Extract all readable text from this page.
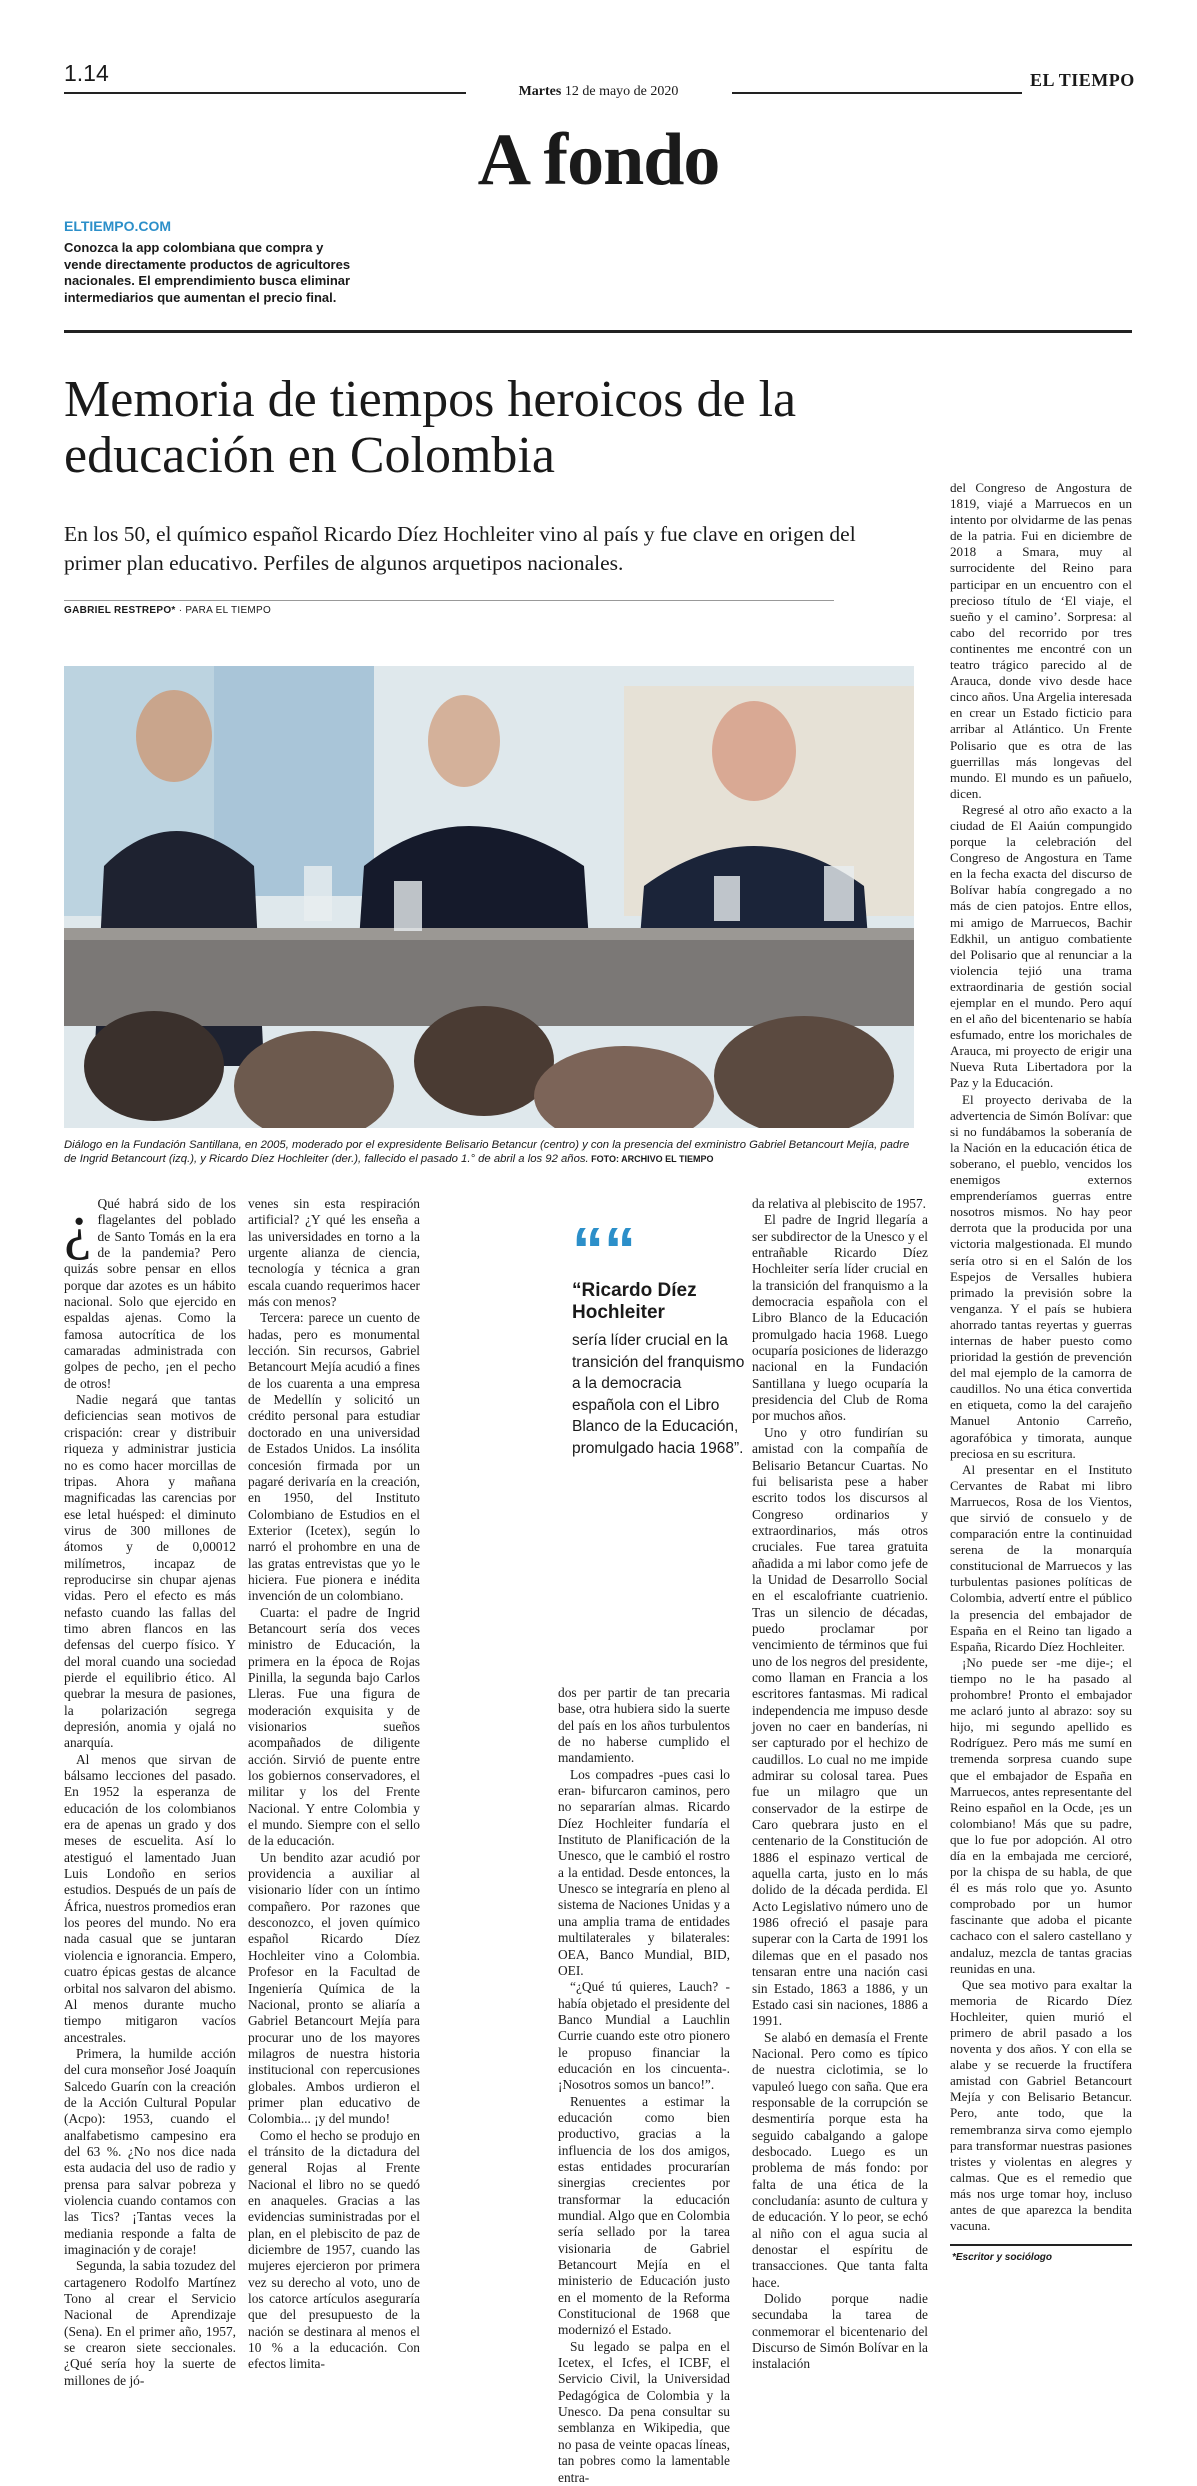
1.14
Martes 12 de mayo de 2020
EL TIEMPO
A fondo
ELTIEMPO.COM
Conozca la app colombiana que compra y vende directamente productos de agricultores nacionales. El emprendimiento busca eliminar intermediarios que aumentan el precio final.
Memoria de tiempos heroicos de la educación en Colombia
En los 50, el químico español Ricardo Díez Hochleiter vino al país y fue clave en origen del primer plan educativo. Perfiles de algunos arquetipos nacionales.
GABRIEL RESTREPO* · PARA EL TIEMPO
Diálogo en la Fundación Santillana, en 2005, moderado por el expresidente Belisario Betancur (centro) y con la presencia del exministro Gabriel Betancourt Mejía, padre de Ingrid Betancourt (izq.), y Ricardo Díez Hochleiter (der.), fallecido el pasado 1.° de abril a los 92 años. FOTO: ARCHIVO EL TIEMPO
¿ Qué habrá sido de los flagelantes del poblado de Santo Tomás en la era de la pandemia? Pero quizás sobre pensar en ellos porque dar azotes es un hábito nacional. Solo que ejercido en espaldas ajenas. Como la famosa autocrítica de los camaradas administrada con golpes de pecho, ¡en el pecho de otros!

Nadie negará que tantas deficiencias sean motivos de crispación: crear y distribuir riqueza y administrar justicia no es como hacer morcillas de tripas. Ahora y mañana magnificadas las carencias por ese letal huésped: el diminuto virus de 300 millones de átomos y de 0,00012 milímetros, incapaz de reproducirse sin chupar ajenas vidas. Pero el efecto es más nefasto cuando las fallas del timo abren flancos en las defensas del cuerpo físico. Y del moral cuando una sociedad pierde el equilibrio ético. Al quebrar la mesura de pasiones, la polarización segrega depresión, anomia y ojalá no anarquía.

Al menos que sirvan de bálsamo lecciones del pasado. En 1952 la esperanza de educación de los colombianos era de apenas un grado y dos meses de escuelita. Así lo atestiguó el lamentado Juan Luis Londoño en serios estudios. Después de un país de África, nuestros promedios eran los peores del mundo. No era nada casual que se juntaran violencia e ignorancia. Empero, cuatro épicas gestas de alcance orbital nos salvaron del abismo. Al menos durante mucho tiempo mitigaron vacíos ancestrales.

Primera, la humilde acción del cura monseñor José Joaquín Salcedo Guarín con la creación de la Acción Cultural Popular (Acpo): 1953, cuando el analfabetismo campesino era del 63 %. ¿No nos dice nada esta audacia del uso de radio y prensa para salvar pobreza y violencia cuando contamos con las Tics? ¡Tantas veces la mediania responde a falta de imaginación y de coraje!

Segunda, la sabia tozudez del cartagenero Rodolfo Martínez Tono al crear el Servicio Nacional de Aprendizaje (Sena). En el primer año, 1957, se crearon siete seccionales. ¿Qué sería hoy la suerte de millones de jó-

venes sin esta respiración artificial? ¿Y qué les enseña a las universidades en torno a la urgente alianza de ciencia, tecnología y técnica a gran escala cuando requerimos hacer más con menos?

Tercera: parece un cuento de hadas, pero es monumental lección. Sin recursos, Gabriel Betancourt Mejía acudió a fines de los cuarenta a una empresa de Medellín y solicitó un crédito personal para estudiar doctorado en una universidad de Estados Unidos. La insólita concesión firmada por un pagaré derivaría en la creación, en 1950, del Instituto Colombiano de Estudios en el Exterior (Icetex), según lo narró el prohombre en una de las gratas entrevistas que yo le hiciera. Fue pionera e inédita invención de un colombiano.

Cuarta: el padre de Ingrid Betancourt sería dos veces ministro de Educación, la primera en la época de Rojas Pinilla, la segunda bajo Carlos Lleras. Fue una figura de moderación exquisita y de visionarios sueños acompañados de diligente acción. Sirvió de puente entre los gobiernos conservadores, el militar y los del Frente Nacional. Y entre Colombia y el mundo. Siempre con el sello de la educación.

Un bendito azar acudió por providencia a auxiliar al visionario líder con un íntimo compañero. Por razones que desconozco, el joven químico español Ricardo Díez Hochleiter vino a Colombia. Profesor en la Facultad de Ingeniería Química de la Nacional, pronto se aliaría a Gabriel Betancourt Mejía para procurar uno de los mayores milagros de nuestra historia institucional con repercusiones globales. Ambos urdieron el primer plan educativo de Colombia... ¡y del mundo!

Como el hecho se produjo en el tránsito de la dictadura del general Rojas al Frente Nacional el libro no se quedó en anaqueles. Gracias a las evidencias suministradas por el plan, en el plebiscito de paz de diciembre de 1957, cuando las mujeres ejercieron por primera vez su derecho al voto, uno de los catorce artículos aseguraría que del presupuesto de la nación se destinara al menos el 10 % a la educación. Con efectos limita-

““
“Ricardo Díez Hochleiter
sería líder crucial en la transición del franquismo a la democracia española con el Libro Blanco de la Educación, promulgado hacia 1968”.

dos per partir de tan precaria base, otra hubiera sido la suerte del país en los años turbulentos de no haberse cumplido el mandamiento.

Los compadres -pues casi lo eran- bifurcaron caminos, pero no separarían almas. Ricardo Díez Hochleiter fundaría el Instituto de Planificación de la Unesco, que le cambió el rostro a la entidad. Desde entonces, la Unesco se integraría en pleno al sistema de Naciones Unidas y a una amplia trama de entidades multilaterales y bilaterales: OEA, Banco Mundial, BID, OEI.

“¿Qué tú quieres, Lauch? -había objetado el presidente del Banco Mundial a Lauchlin Currie cuando este otro pionero le propuso financiar la educación en los cincuenta-. ¡Nosotros somos un banco!”.

Renuentes a estimar la educación como bien productivo, gracias a la influencia de los dos amigos, estas entidades procurarían sinergias crecientes por transformar la educación mundial. Algo que en Colombia sería sellado por la tarea visionaria de Gabriel Betancourt Mejía en el ministerio de Educación justo en el momento de la Reforma Constitucional de 1968 que modernizó el Estado.

Su legado se palpa en el Icetex, el Icfes, el ICBF, el Servicio Civil, la Universidad Pedagógica de Colombia y la Unesco. Da pena consultar su semblanza en Wikipedia, que no pasa de veinte opacas líneas, tan pobres como la lamentable entra-

da relativa al plebiscito de 1957.

El padre de Ingrid llegaría a ser subdirector de la Unesco y el entrañable Ricardo Díez Hochleiter sería líder crucial en la transición del franquismo a la democracia española con el Libro Blanco de la Educación promulgado hacia 1968. Luego ocuparía posiciones de liderazgo nacional en la Fundación Santillana y luego ocuparía la presidencia del Club de Roma por muchos años.

Uno y otro fundirían su amistad con la compañía de Belisario Betancur Cuartas. No fui belisarista pese a haber escrito todos los discursos al Congreso ordinarios y extraordinarios, más otros cruciales. Fue tarea gratuita añadida a mi labor como jefe de la Unidad de Desarrollo Social en el escalofriante cuatrienio. Tras un silencio de décadas, puedo proclamar por vencimiento de términos que fui uno de los negros del presidente, como llaman en Francia a los escritores fantasmas. Mi radical independencia me impuso desde joven no caer en banderías, ni ser capturado por el hechizo de caudillos. Lo cual no me impide admirar su colosal tarea. Pues fue un milagro que un conservador de la estirpe de Caro quebrara justo en el centenario de la Constitución de 1886 el espinazo vertical de aquella carta, justo en lo más dolido de la década perdida. El Acto Legislativo número uno de 1986 ofreció el pasaje para superar con la Carta de 1991 los dilemas que en el pasado nos tensaran entre una nación casi sin Estado, 1863 a 1886, y un Estado casi sin naciones, 1886 a 1991.

Se alabó en demasía el Frente Nacional. Pero como es típico de nuestra ciclotimia, se lo vapuleó luego con saña. Que era responsable de la corrupción se desmentiría porque esta ha seguido cabalgando a galope desbocado. Luego es un problema de más fondo: por falta de una ética de la concludanía: asunto de cultura y de educación. Y lo peor, se echó al niño con el agua sucia al denostar el espíritu de transacciones. Que tanta falta hace.

Dolido porque nadie secundaba la tarea de conmemorar el bicentenario del Discurso de Simón Bolívar en la instalación

del Congreso de Angostura de 1819, viajé a Marruecos en un intento por olvidarme de las penas de la patria. Fui en diciembre de 2018 a Smara, muy al surrocidente del Reino para participar en un encuentro con el precioso título de ‘El viaje, el sueño y el camino’. Sorpresa: al cabo del recorrido por tres continentes me encontré con un teatro trágico parecido al de Arauca, donde vivo desde hace cinco años. Una Argelia interesada en crear un Estado ficticio para arribar al Atlántico. Un Frente Polisario que es otra de las guerrillas más longevas del mundo. El mundo es un pañuelo, dicen.

Regresé al otro año exacto a la ciudad de El Aaiún compungido porque la celebración del Congreso de Angostura en Tame en la fecha exacta del discurso de Bolívar había congregado a no más de cien patojos. Entre ellos, mi amigo de Marruecos, Bachir Edkhil, un antiguo combatiente del Polisario que al renunciar a la violencia tejió una trama extraordinaria de gestión social ejemplar en el mundo. Pero aquí en el año del bicentenario se había esfumado, entre los morichales de Arauca, mi proyecto de erigir una Nueva Ruta Libertadora por la Paz y la Educación.

El proyecto derivaba de la advertencia de Simón Bolívar: que si no fundábamos la soberanía de la Nación en la educación ética de soberano, el pueblo, vencidos los enemigos externos emprenderíamos guerras entre nosotros mismos. No hay peor derrota que la producida por una victoria malgestionada. El mundo sería otro si en el Salón de los Espejos de Versalles hubiera primado la previsión sobre la venganza. Y el país se hubiera ahorrado tantas reyertas y guerras internas de haber puesto como prioridad la gestión de prevención del mal ejemplo de la camorra de caudillos. No una ética convertida en etiqueta, como la del carajeño Manuel Antonio Carreño, agorafóbica y timorata, aunque preciosa en su escritura.

Al presentar en el Instituto Cervantes de Rabat mi libro Marruecos, Rosa de los Vientos, que sirvió de consuelo y de comparación entre la continuidad serena de la monarquía constitucional de Marruecos y las turbulentas pasiones políticas de Colombia, advertí entre el público la presencia del embajador de España en el Reino tan ligado a España, Ricardo Díez Hochleiter.

¡No puede ser -me dije-; el tiempo no le ha pasado al prohombre! Pronto el embajador me aclaró junto al abrazo: soy su hijo, mi segundo apellido es Rodríguez. Pero más me sumí en tremenda sorpresa cuando supe que el embajador de España en Marruecos, antes representante del Reino español en la Ocde, ¡es un colombiano! Más que su padre, que lo fue por adopción. Al otro día en la embajada me cercioré, por la chispa de su habla, de que él es más rolo que yo. Asunto comprobado por un humor fascinante que adoba el picante cachaco con el salero castellano y andaluz, mezcla de tantas gracias reunidas en una.

Que sea motivo para exaltar la memoria de Ricardo Díez Hochleiter, quien murió el primero de abril pasado a los noventa y dos años. Y con ella se alabe y se recuerde la fructífera amistad con Gabriel Betancourt Mejía y con Belisario Betancur. Pero, ante todo, que la remembranza sirva como ejemplo para transformar nuestras pasiones tristes y violentas en alegres y calmas. Que es el remedio que más nos urge tomar hoy, incluso antes de que aparezca la bendita vacuna.

*Escritor y sociólogo
